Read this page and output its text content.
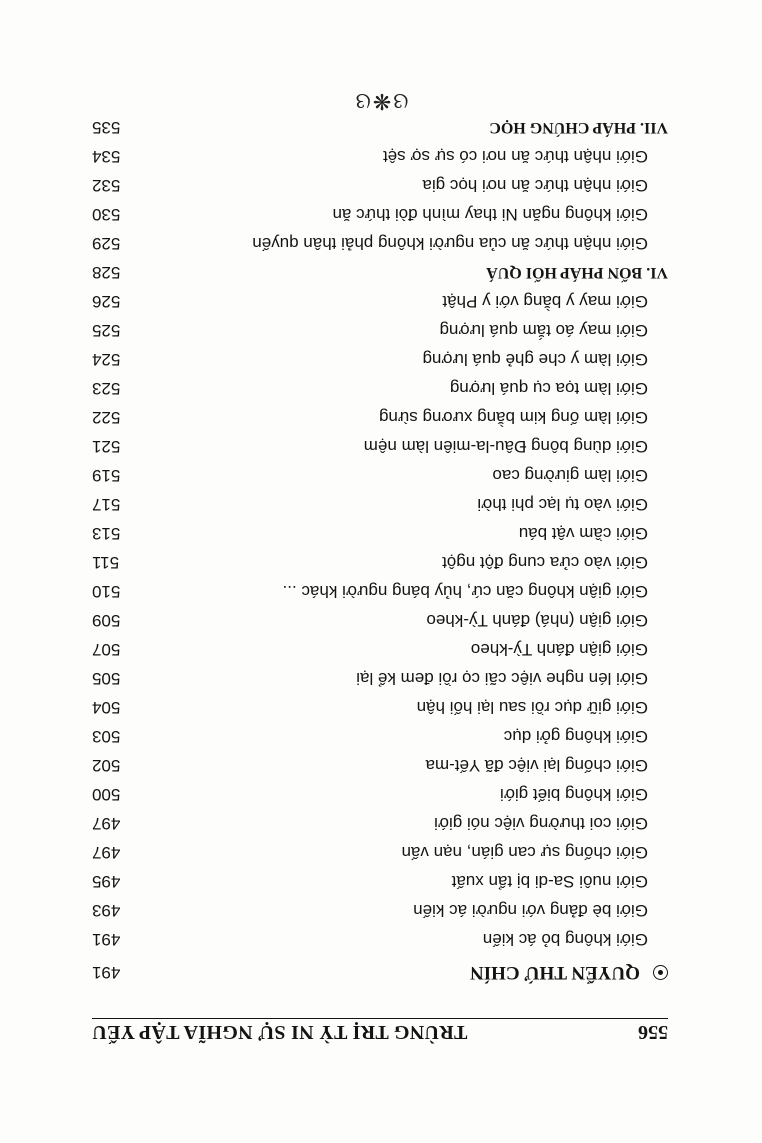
556
TRÙNG TRỊ TỲ NI SỰ NGHĨA TẬP YẾU
QUYỂN THỨ CHÍN
491
Giới không bỏ ác kiến
491
Giới bè đảng với người ác kiến
493
Giới nuôi Sa-di bị tẩn xuất
495
Giới chống sự can gián, nạn vấn
497
Giới coi thường việc nói giới
497
Giới không biết giới
500
Giới chống lại việc đã Yết-ma
502
Giới không gởi dục
503
Giới giữ dục rồi sau lại hối hận
504
Giới lén nghe việc cãi cọ rồi đem kể lại
505
Giới giận đánh Tỳ-kheo
507
Giới giận (nhá) đánh Tỳ-kheo
509
Giới giận không căn cứ, hủy báng người khác ...
510
Giới vào cửa cung đột ngột
511
Giới cầm vật báu
513
Giới vào tụ lạc phi thời
517
Giới làm giường cao
519
Giới dùng bông Đâu-la-miên làm nệm
521
Giới làm ống kim bằng xương sừng
522
Giới làm tọa cụ quá lượng
523
Giới làm y che ghẻ quá lượng
524
Giới may áo tắm quá lượng
525
Giới may y bằng với y Phật
526
VI. BỐN PHÁP HỐI QUÁ
528
Giới nhận thức ăn của người không phải thân quyến
529
Giới không ngăn Ni thay mình đòi thức ăn
530
Giới nhận thức ăn nơi học gia
532
Giới nhận thức ăn nơi có sự sợ sệt
534
VII. PHÁP CHÚNG HỌC
535
ଓ❋ଓ
